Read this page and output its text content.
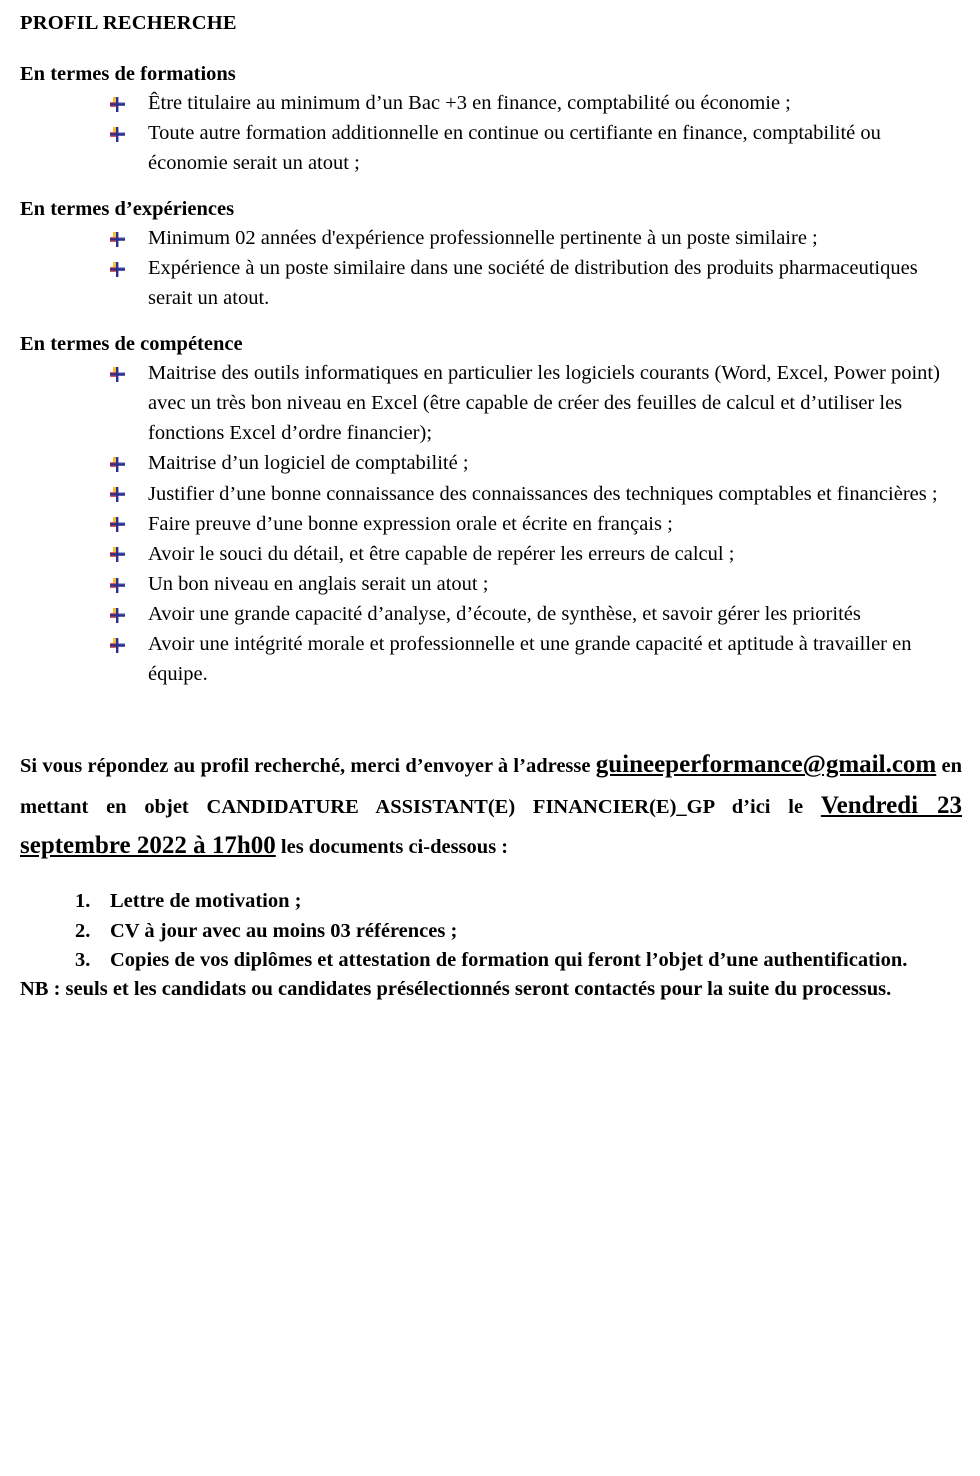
PROFIL RECHERCHE
En termes de formations
Être titulaire au minimum d’un Bac +3 en finance, comptabilité ou économie ;
Toute autre formation additionnelle en continue ou certifiante en finance, comptabilité ou économie serait un atout ;
En termes d’expériences
Minimum 02 années d'expérience professionnelle pertinente à un poste similaire ;
Expérience à un poste similaire dans une société de distribution des produits pharmaceutiques serait un atout.
En termes de compétence
Maitrise des outils informatiques en particulier les logiciels courants (Word, Excel, Power point) avec un très bon niveau en Excel (être capable de créer des feuilles de calcul et d’utiliser les fonctions Excel d’ordre financier);
Maitrise d’un logiciel de comptabilité ;
Justifier d’une bonne connaissance des connaissances des techniques comptables et financières ;
Faire preuve d’une bonne expression orale et écrite en français ;
Avoir le souci du détail, et être capable de repérer les erreurs de calcul ;
Un bon niveau en anglais serait un atout ;
Avoir une grande capacité d’analyse, d’écoute, de synthèse, et savoir gérer les priorités
Avoir une intégrité morale et professionnelle et une grande capacité et aptitude à travailler en équipe.

Si vous répondez au profil recherché, merci d’envoyer à l’adresse guineeperformance@gmail.com en mettant en objet CANDIDATURE ASSISTANT(E) FINANCIER(E)_GP d’ici le Vendredi 23 septembre 2022 à 17h00 les documents ci-dessous :

Lettre de motivation ;
CV à jour avec au moins 03 références ;
Copies de vos diplômes et attestation de formation qui feront l’objet d’une authentification.

NB : seuls et les candidats ou candidates présélectionnés seront contactés pour la suite du processus.
